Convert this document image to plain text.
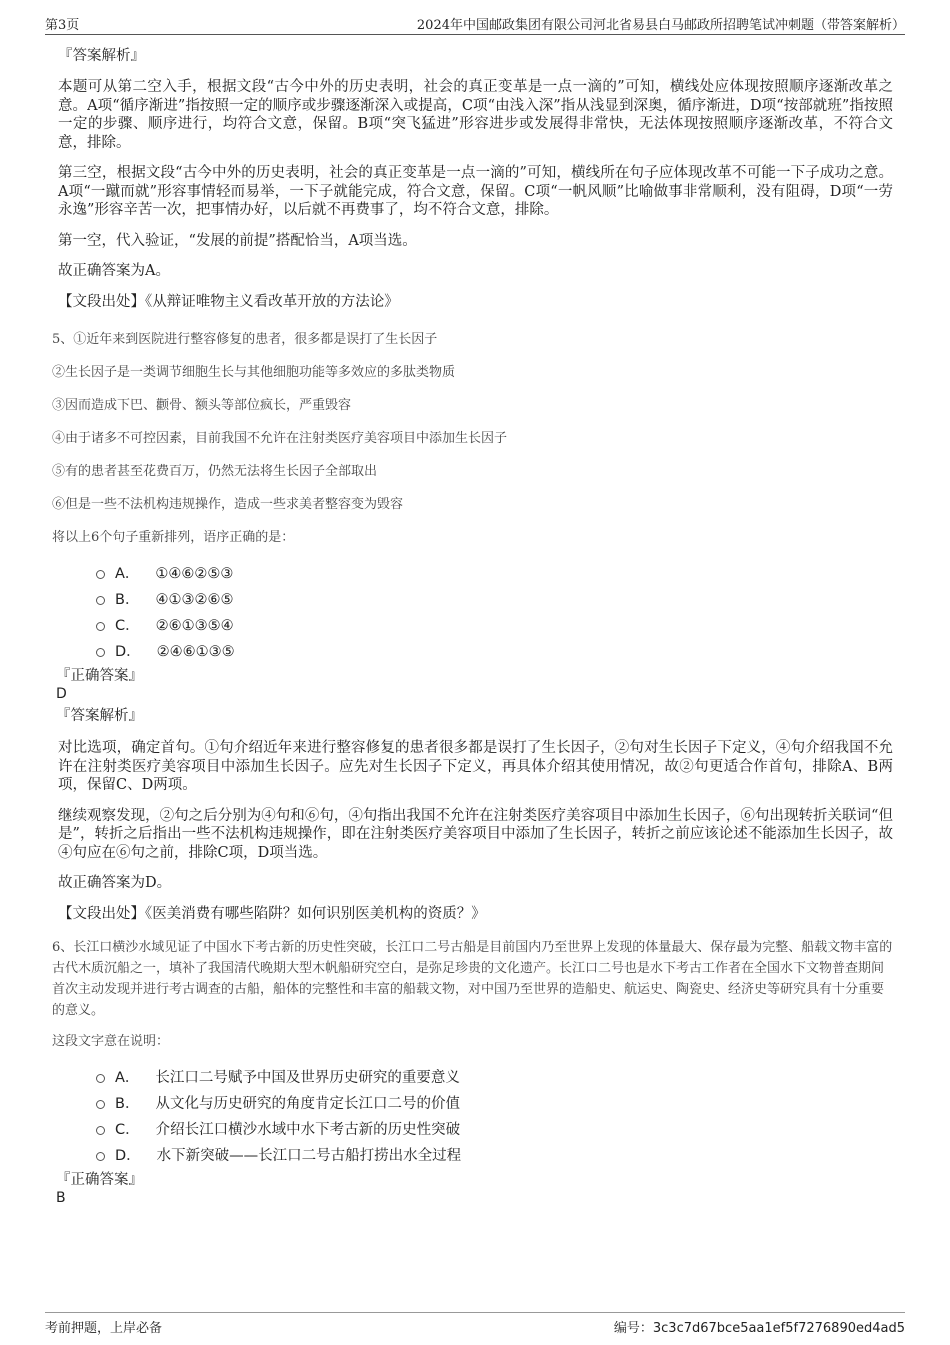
第3页	2024年中国邮政集团有限公司河北省易县白马邮政所招聘笔试冲刺题（带答案解析）

『答案解析』

本题可从第二空入手，根据文段“古今中外的历史表明，社会的真正变革是一点一滴的”可知，横线处应体现按照顺序逐渐改革之意。A项“循序渐进”指按照一定的顺序或步骤逐渐深入或提高，C项“由浅入深”指从浅显到深奥，循序渐进，D项“按部就班”指按照一定的步骤、顺序进行，均符合文意，保留。B项“突飞猛进”形容进步或发展得非常快，无法体现按照顺序逐渐改革，不符合文意，排除。

第三空，根据文段“古今中外的历史表明，社会的真正变革是一点一滴的”可知，横线所在句子应体现改革不可能一下子成功之意。A项“一蹴而就”形容事情轻而易举，一下子就能完成，符合文意，保留。C项“一帆风顺”比喻做事非常顺利，没有阻碍，D项“一劳永逸”形容辛苦一次，把事情办好，以后就不再费事了，均不符合文意，排除。

第一空，代入验证，“发展的前提”搭配恰当，A项当选。

故正确答案为A。

【文段出处】《从辩证唯物主义看改革开放的方法论》

5、①近年来到医院进行整容修复的患者，很多都是误打了生长因子

②生长因子是一类调节细胞生长与其他细胞功能等多效应的多肽类物质

③因而造成下巴、颧骨、额头等部位疯长，严重毁容

④由于诸多不可控因素，目前我国不允许在注射类医疗美容项目中添加生长因子

⑤有的患者甚至花费百万，仍然无法将生长因子全部取出

⑥但是一些不法机构违规操作，造成一些求美者整容变为毁容

将以上6个句子重新排列，语序正确的是：

A． ①④⑥②⑤③
B． ④①③②⑥⑤
C． ②⑥①③⑤④
D． ②④⑥①③⑤

『正确答案』

D

『答案解析』

对比选项，确定首句。①句介绍近年来进行整容修复的患者很多都是误打了生长因子，②句对生长因子下定义，④句介绍我国不允许在注射类医疗美容项目中添加生长因子。应先对生长因子下定义，再具体介绍其使用情况，故②句更适合作首句，排除A、B两项，保留C、D两项。

继续观察发现，②句之后分别为④句和⑥句，④句指出我国不允许在注射类医疗美容项目中添加生长因子，⑥句出现转折关联词“但是”，转折之后指出一些不法机构违规操作，即在注射类医疗美容项目中添加了生长因子，转折之前应该论述不能添加生长因子，故④句应在⑥句之前，排除C项，D项当选。

故正确答案为D。

【文段出处】《医美消费有哪些陷阱？如何识别医美机构的资质？》

6、长江口横沙水域见证了中国水下考古新的历史性突破，长江口二号古船是目前国内乃至世界上发现的体量最大、保存最为完整、船载文物丰富的古代木质沉船之一，填补了我国清代晚期大型木帆船研究空白，是弥足珍贵的文化遗产。长江口二号也是水下考古工作者在全国水下文物普查期间首次主动发现并进行考古调查的古船，船体的完整性和丰富的船载文物，对中国乃至世界的造船史、航运史、陶瓷史、经济史等研究具有十分重要的意义。

这段文字意在说明：

A． 长江口二号赋予中国及世界历史研究的重要意义
B． 从文化与历史研究的角度肯定长江口二号的价值
C． 介绍长江口横沙水域中水下考古新的历史性突破
D． 水下新突破——长江口二号古船打捞出水全过程

『正确答案』

B

考前押题，上岸必备	编号：3c3c7d67bce5aa1ef5f7276890ed4ad5
